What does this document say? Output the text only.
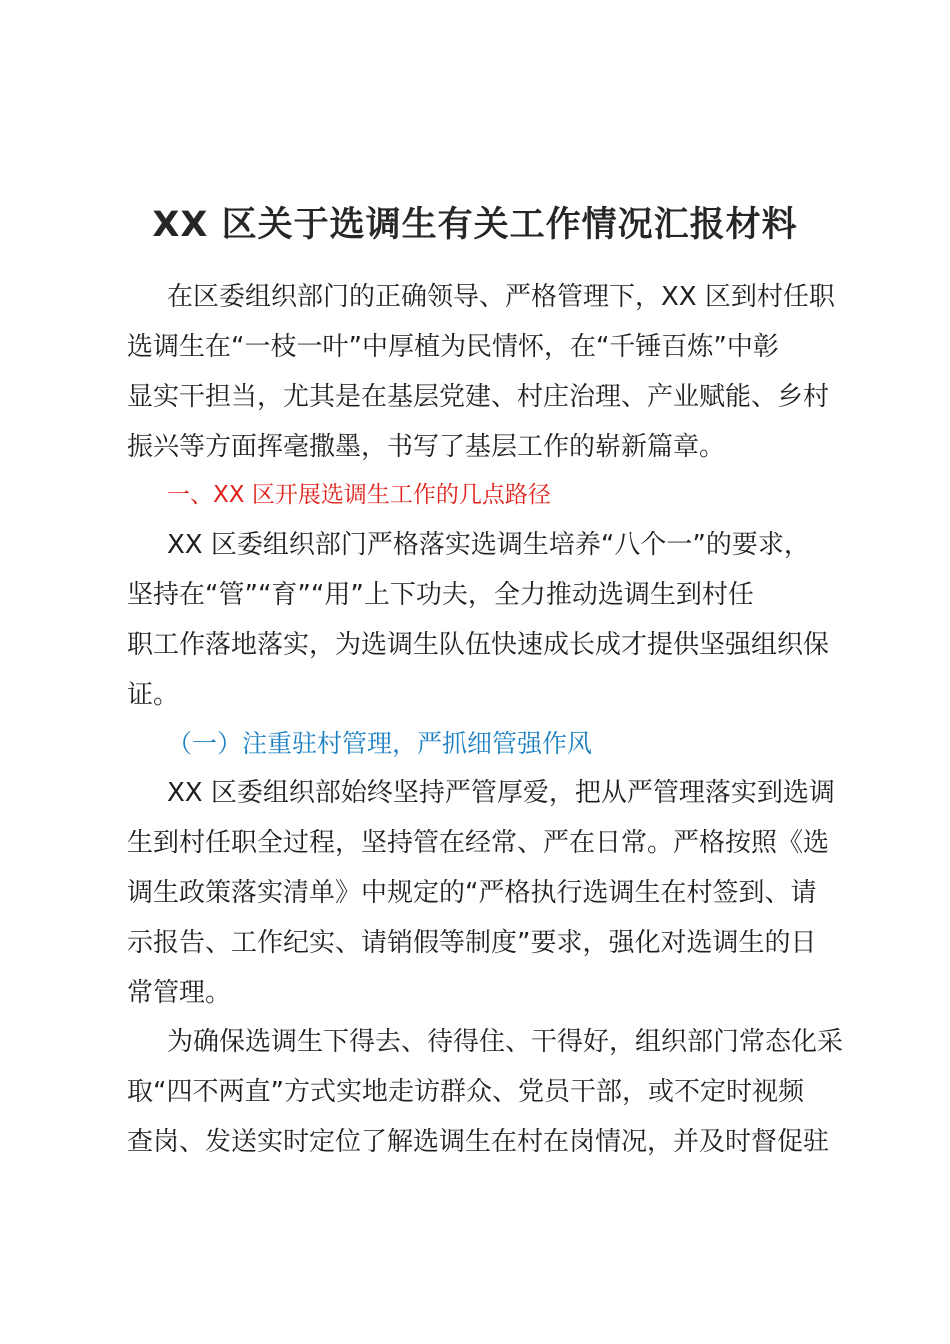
XX 区关于选调生有关工作情况汇报材料
在区委组织部门的正确领导、严格管理下，XX 区到村任职
选调生在“一枝一叶”中厚植为民情怀，在“千锤百炼”中彰
显实干担当，尤其是在基层党建、村庄治理、产业赋能、乡村
振兴等方面挥毫撒墨，书写了基层工作的崭新篇章。
一、XX 区开展选调生工作的几点路径
XX 区委组织部门严格落实选调生培养“八个一”的要求，
坚持在“管”“育”“用”上下功夫，全力推动选调生到村任
职工作落地落实，为选调生队伍快速成长成才提供坚强组织保
证。
（一）注重驻村管理，严抓细管强作风
XX 区委组织部始终坚持严管厚爱，把从严管理落实到选调
生到村任职全过程，坚持管在经常、严在日常。严格按照《选
调生政策落实清单》中规定的“严格执行选调生在村签到、请
示报告、工作纪实、请销假等制度”要求，强化对选调生的日
常管理。
为确保选调生下得去、待得住、干得好，组织部门常态化采
取“四不两直”方式实地走访群众、党员干部，或不定时视频
查岗、发送实时定位了解选调生在村在岗情况，并及时督促驻
